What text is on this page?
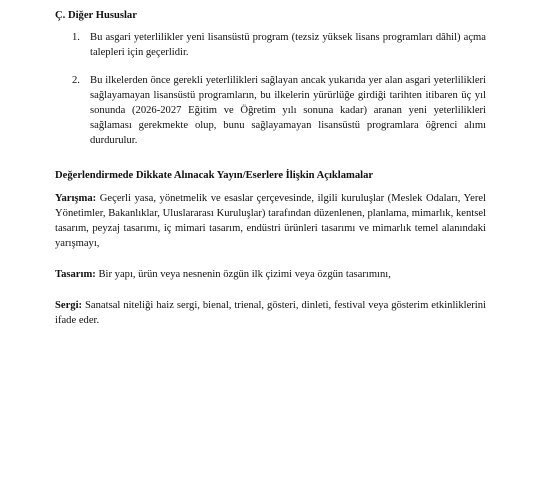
Ç. Diğer Hususlar
1. Bu asgari yeterlilikler yeni lisansüstü program (tezsiz yüksek lisans programları dâhil) açma talepleri için geçerlidir.
2. Bu ilkelerden önce gerekli yeterlilikleri sağlayan ancak yukarıda yer alan asgari yeterlilikleri sağlayamayan lisansüstü programların, bu ilkelerin yürürlüğe girdiği tarihten itibaren üç yıl sonunda (2026-2027 Eğitim ve Öğretim yılı sonuna kadar) aranan yeni yeterlilikleri sağlaması gerekmekte olup, bunu sağlayamayan lisansüstü programlara öğrenci alımı durdurulur.
Değerlendirmede Dikkate Alınacak Yayın/Eserlere İlişkin Açıklamalar
Yarışma: Geçerli yasa, yönetmelik ve esaslar çerçevesinde, ilgili kuruluşlar (Meslek Odaları, Yerel Yönetimler, Bakanlıklar, Uluslararası Kuruluşlar) tarafından düzenlenen, planlama, mimarlık, kentsel tasarım, peyzaj tasarımı, iç mimari tasarım, endüstri ürünleri tasarımı ve mimarlık temel alanındaki yarışmayı,
Tasarım: Bir yapı, ürün veya nesnenin özgün ilk çizimi veya özgün tasarımını,
Sergi: Sanatsal niteliği haiz sergi, bienal, trienal, gösteri, dinleti, festival veya gösterim etkinliklerini ifade eder.
